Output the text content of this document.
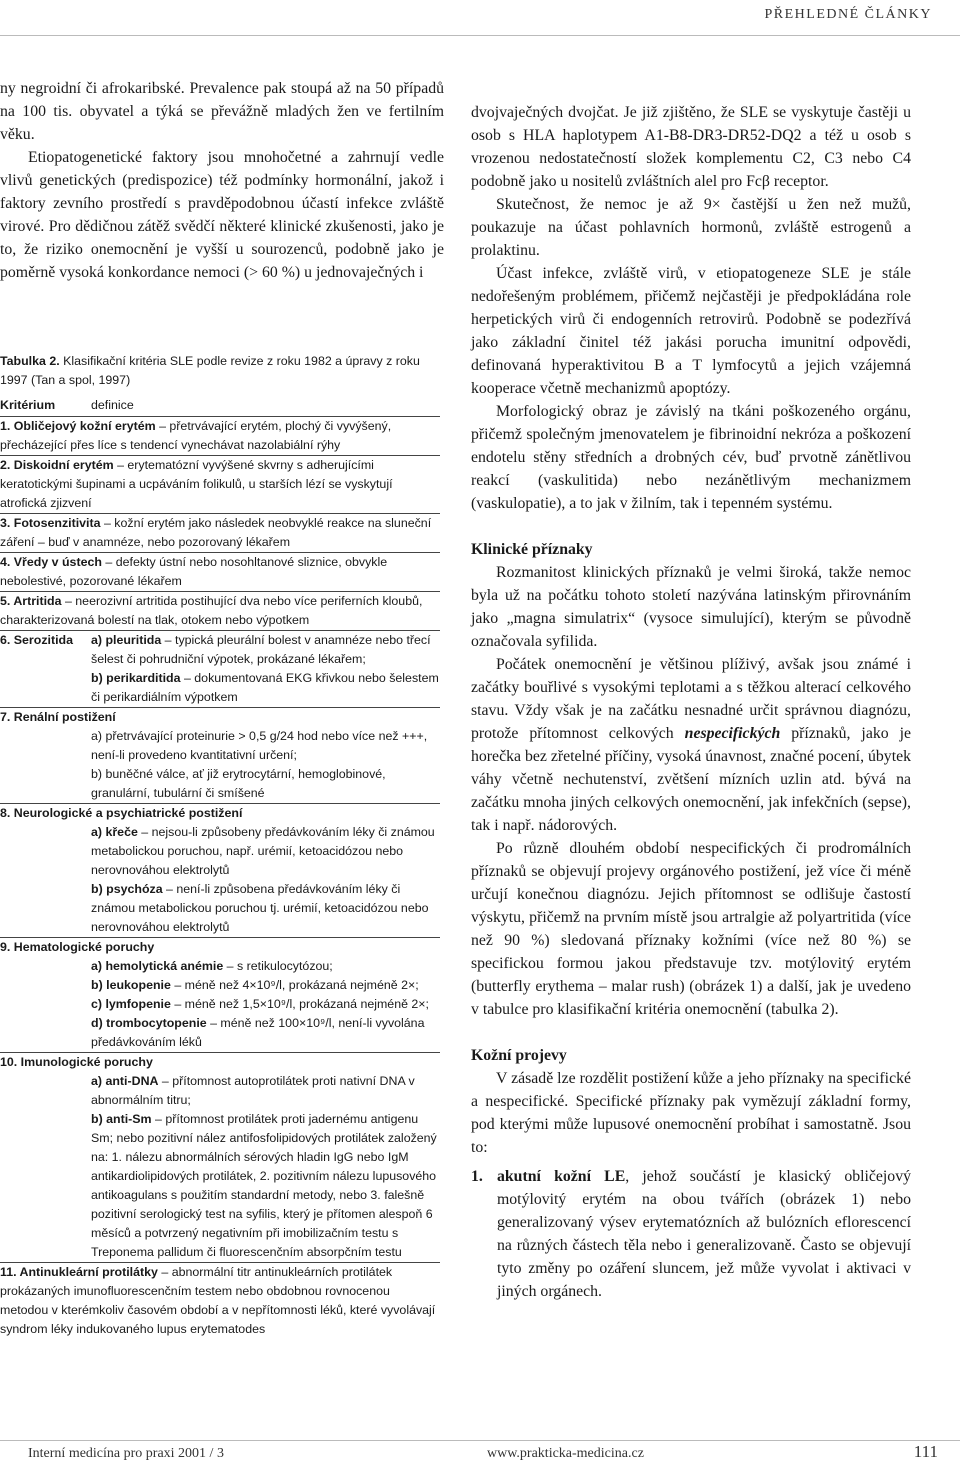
PŘEHLEDNÉ ČLÁNKY

ny negroidní či afrokaribské. Prevalence pak stoupá až na 50 případů na 100 tis. obyvatel a týká se převážně mladých žen ve fertilním věku.

Etiopatogenetické faktory jsou mnohočetné a zahrnují vedle vlivů genetických (predispozice) též podmínky hormonální, jakož i faktory zevního prostředí s pravděpodobnou účastí infekce zvláště virové. Pro dědičnou zátěž svědčí některé klinické zkušenosti, jako je to, že riziko onemocnění je vyšší u sourozenců, podobně jako je poměrně vysoká konkordance nemoci (> 60 %) u jednovaječných i

Tabulka 2. Klasifikační kritéria SLE podle revize z roku 1982 a úpravy z roku 1997 (Tan a spol, 1997)

Kritérium	definice
1. Obličejový kožní erytém – přetrvávající erytém, plochý či vyvýšený, přecházející přes líce s tendencí vynechávat nazolabiální rýhy
2. Diskoidní erytém – erytematózní vyvýšené skvrny s adherujícími keratotickými šupinami a ucpáváním folikulů, u starších lézí se vyskytují atrofická zjizvení
3. Fotosenzitivita – kožní erytém jako následek neobvyklé reakce na sluneční záření – buď v anamnéze, nebo pozorovaný lékařem
4. Vředy v ústech – defekty ústní nebo nosohltanové sliznice, obvykle nebolestivé, pozorované lékařem
5. Artritida – neerozivní artritida postihující dva nebo více periferních kloubů, charakterizovaná bolestí na tlak, otokem nebo výpotkem
6. Serozitida a) pleuritida – typická pleurální bolest v anamnéze nebo třecí šelest či pohrudniční výpotek, prokázané lékařem;
b) perikarditida – dokumentovaná EKG křivkou nebo šelestem či perikardiálním výpotkem
7. Renální postižení
a) přetrvávající proteinurie > 0,5 g/24 hod nebo více než +++, není-li provedeno kvantitativní určení;
b) buněčné válce, ať již erytrocytární, hemoglobinové, granulární, tubulární či smíšené
8. Neurologické a psychiatrické postižení
a) křeče – nejsou-li způsobeny předávkováním léky či známou metabolickou poruchou, např. urémií, ketoacidózou nebo nerovnováhou elektrolytů
b) psychóza – není-li způsobena předávkováním léky či známou metabolickou poruchou tj. urémií, ketoacidózou nebo nerovnováhou elektrolytů
9. Hematologické poruchy
a) hemolytická anémie – s retikulocytózou;
b) leukopenie – méně než 4×10⁹/l, prokázaná nejméně 2×;
c) lymfopenie – méně než 1,5×10⁹/l, prokázaná nejméně 2×;
d) trombocytopenie – méně než 100×10⁹/l, není-li vyvolána předávkováním léků
10. Imunologické poruchy
a) anti-DNA – přítomnost autoprotilátek proti nativní DNA v abnormálním titru;
b) anti-Sm – přítomnost protilátek proti jadernému antigenu Sm; nebo pozitivní nález antifosfolipidových protilátek založený na: 1. nálezu abnormálních sérových hladin IgG nebo IgM antikardiolipidových protilátek, 2. pozitivním nálezu lupusového antikoagulans s použitím standardní metody, nebo 3. falešně pozitivní serologický test na syfilis, který je přítomen alespoň 6 měsíců a potvrzený negativním při imobilizačním testu s Treponema pallidum či fluorescenčním absorpčním testu
11. Antinukleární protilátky – abnormální titr antinukleárních protilátek prokázaných imunofluorescenčním testem nebo obdobnou rovnocenou metodou v kterémkoliv časovém období a v nepřítomnosti léků, které vyvolávají syndrom léky indukovaného lupus erytematodes

dvojvaječných dvojčat. Je již zjištěno, že SLE se vyskytuje častěji u osob s HLA haplotypem A1-B8-DR3-DR52-DQ2 a též u osob s vrozenou nedostatečností složek komplementu C2, C3 nebo C4 podobně jako u nositelů zvláštních alel pro Fcβ receptor.

Skutečnost, že nemoc je až 9× častější u žen než mužů, poukazuje na účast pohlavních hormonů, zvláště estrogenů a prolaktinu.

Účast infekce, zvláště virů, v etiopatogeneze SLE je stále nedořešeným problémem, přičemž nejčastěji je předpokládána role herpetických virů či endogenních retrovirů. Podobně se podezřívá jako základní činitel též jakási porucha imunitní odpovědi, definovaná hyperaktivitou B a T lymfocytů a jejich vzájemná kooperace včetně mechanizmů apoptózy.

Morfologický obraz je závislý na tkáni poškozeného orgánu, přičemž společným jmenovatelem je fibrinoidní nekróza a poškození endotelu stěny středních a drobných cév, buď prvotně zánětlivou reakcí (vaskulitida) nebo nezánětlivým mechanizmem (vaskulopatie), a to jak v žilním, tak i tepenném systému.

Klinické příznaky

Rozmanitost klinických příznaků je velmi široká, takže nemoc byla už na počátku tohoto století nazývána latinským přirovnáním jako „magna simulatrix“ (vysoce simulující), kterým se původně označovala syfilida.

Počátek onemocnění je většinou plíživý, avšak jsou známé i začátky bouřlivé s vysokými teplotami a s těžkou alterací celkového stavu. Vždy však je na začátku nesnadné určit správnou diagnózu, protože přítomnost celkových nespecifických příznaků, jako je horečka bez zřetelné příčiny, vysoká únavnost, značné pocení, úbytek váhy včetně nechutenství, zvětšení mízních uzlin atd. bývá na začátku mnoha jiných celkových onemocnění, jak infekčních (sepse), tak i např. nádorových.

Po různě dlouhém období nespecifických či prodromálních příznaků se objevují projevy orgánového postižení, jež více či méně určují konečnou diagnózu. Jejich přítomnost se odlišuje častostí výskytu, přičemž na prvním místě jsou artralgie až polyartritida (více než 90 %) sledovaná příznaky kožními (více než 80 %) se specifickou formou jakou představuje tzv. motýlovitý erytém (butterfly erythema – malar rush) (obrázek 1) a další, jak je uvedeno v tabulce pro klasifikační kritéria onemocnění (tabulka 2).

Kožní projevy

V zásadě lze rozdělit postižení kůže a jeho příznaky na specifické a nespecifické. Specifické příznaky pak vymězují základní formy, pod kterými může lupusové onemocnění probíhat i samostatně. Jsou to:

1. akutní kožní LE, jehož součástí je klasický obličejový motýlovitý erytém na obou tvářích (obrázek 1) nebo generalizovaný výsev erytematózních až bulózních eflorescencí na různých částech těla nebo i generalizovaně. Často se objevují tyto změny po ozáření sluncem, jež může vyvolat i aktivaci v jiných orgánech.
Interní medicína pro praxi 2001 / 3	www.prakticka-medicina.cz	111
